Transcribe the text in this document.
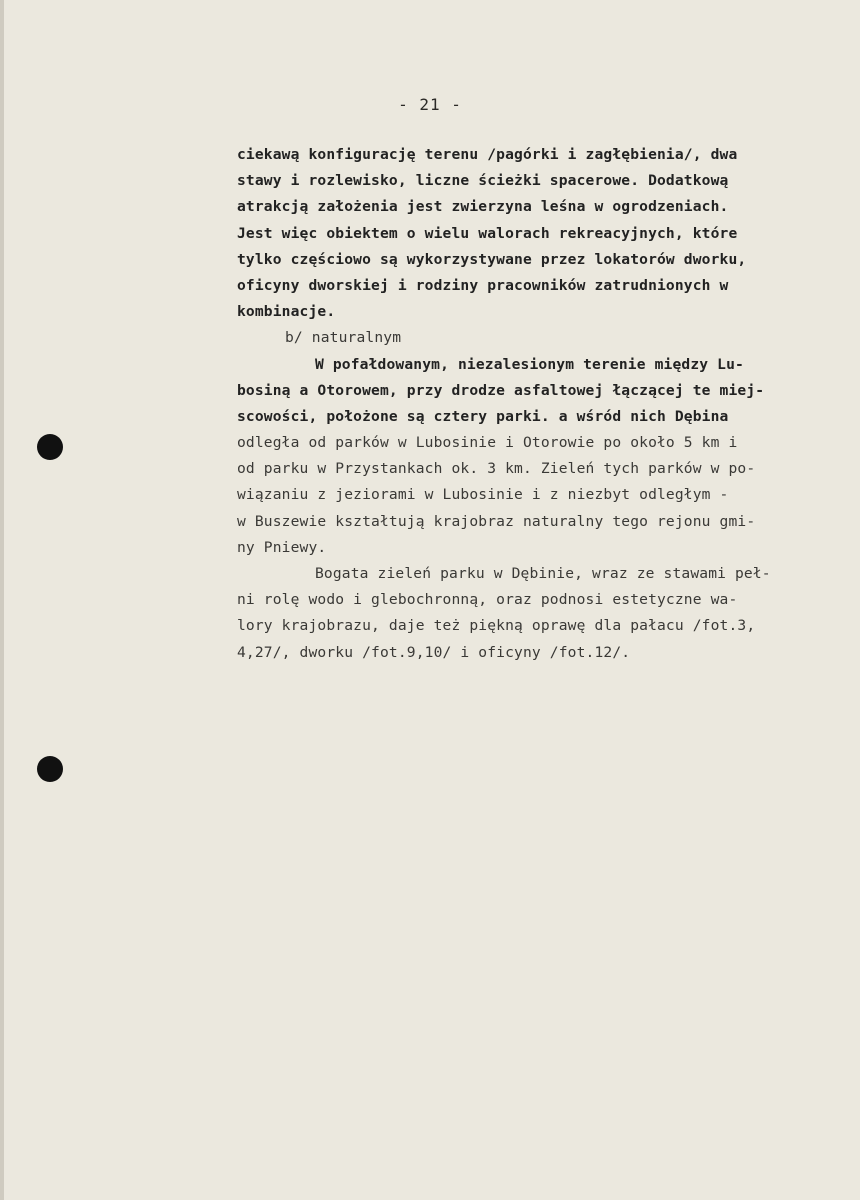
- 21 -
ciekawą konfigurację terenu /pagórki i zagłębienia/, dwa
stawy i rozlewisko, liczne ścieżki spacerowe. Dodatkową
atrakcją założenia jest zwierzyna leśna w ogrodzeniach.
Jest więc obiektem o wielu walorach rekreacyjnych, które
tylko częściowo są wykorzystywane przez lokatorów dworku,
oficyny dworskiej i rodziny pracowników zatrudnionych w
kombinacje.
b/ naturalnym
W pofałdowanym, niezalesionym terenie między Lu-
bosiną a Otorowem, przy drodze asfaltowej łączącej te miej-
scowości, położone są cztery parki. a wśród nich Dębina
odległa od parków w Lubosinie i Otorowie po około 5 km i
od parku w Przystankach ok. 3 km. Zieleń tych parków w po-
wiązaniu z jeziorami w Lubosinie i z niezbyt odległym -
w Buszewie kształtują krajobraz naturalny tego rejonu gmi-
ny Pniewy.
Bogata zieleń parku w Dębinie, wraz ze stawami peł-
ni rolę wodo i glebochronną, oraz podnosi estetyczne wa-
lory krajobrazu, daje też piękną oprawę dla pałacu /fot.3,
4,27/, dworku /fot.9,10/ i oficyny /fot.12/.
